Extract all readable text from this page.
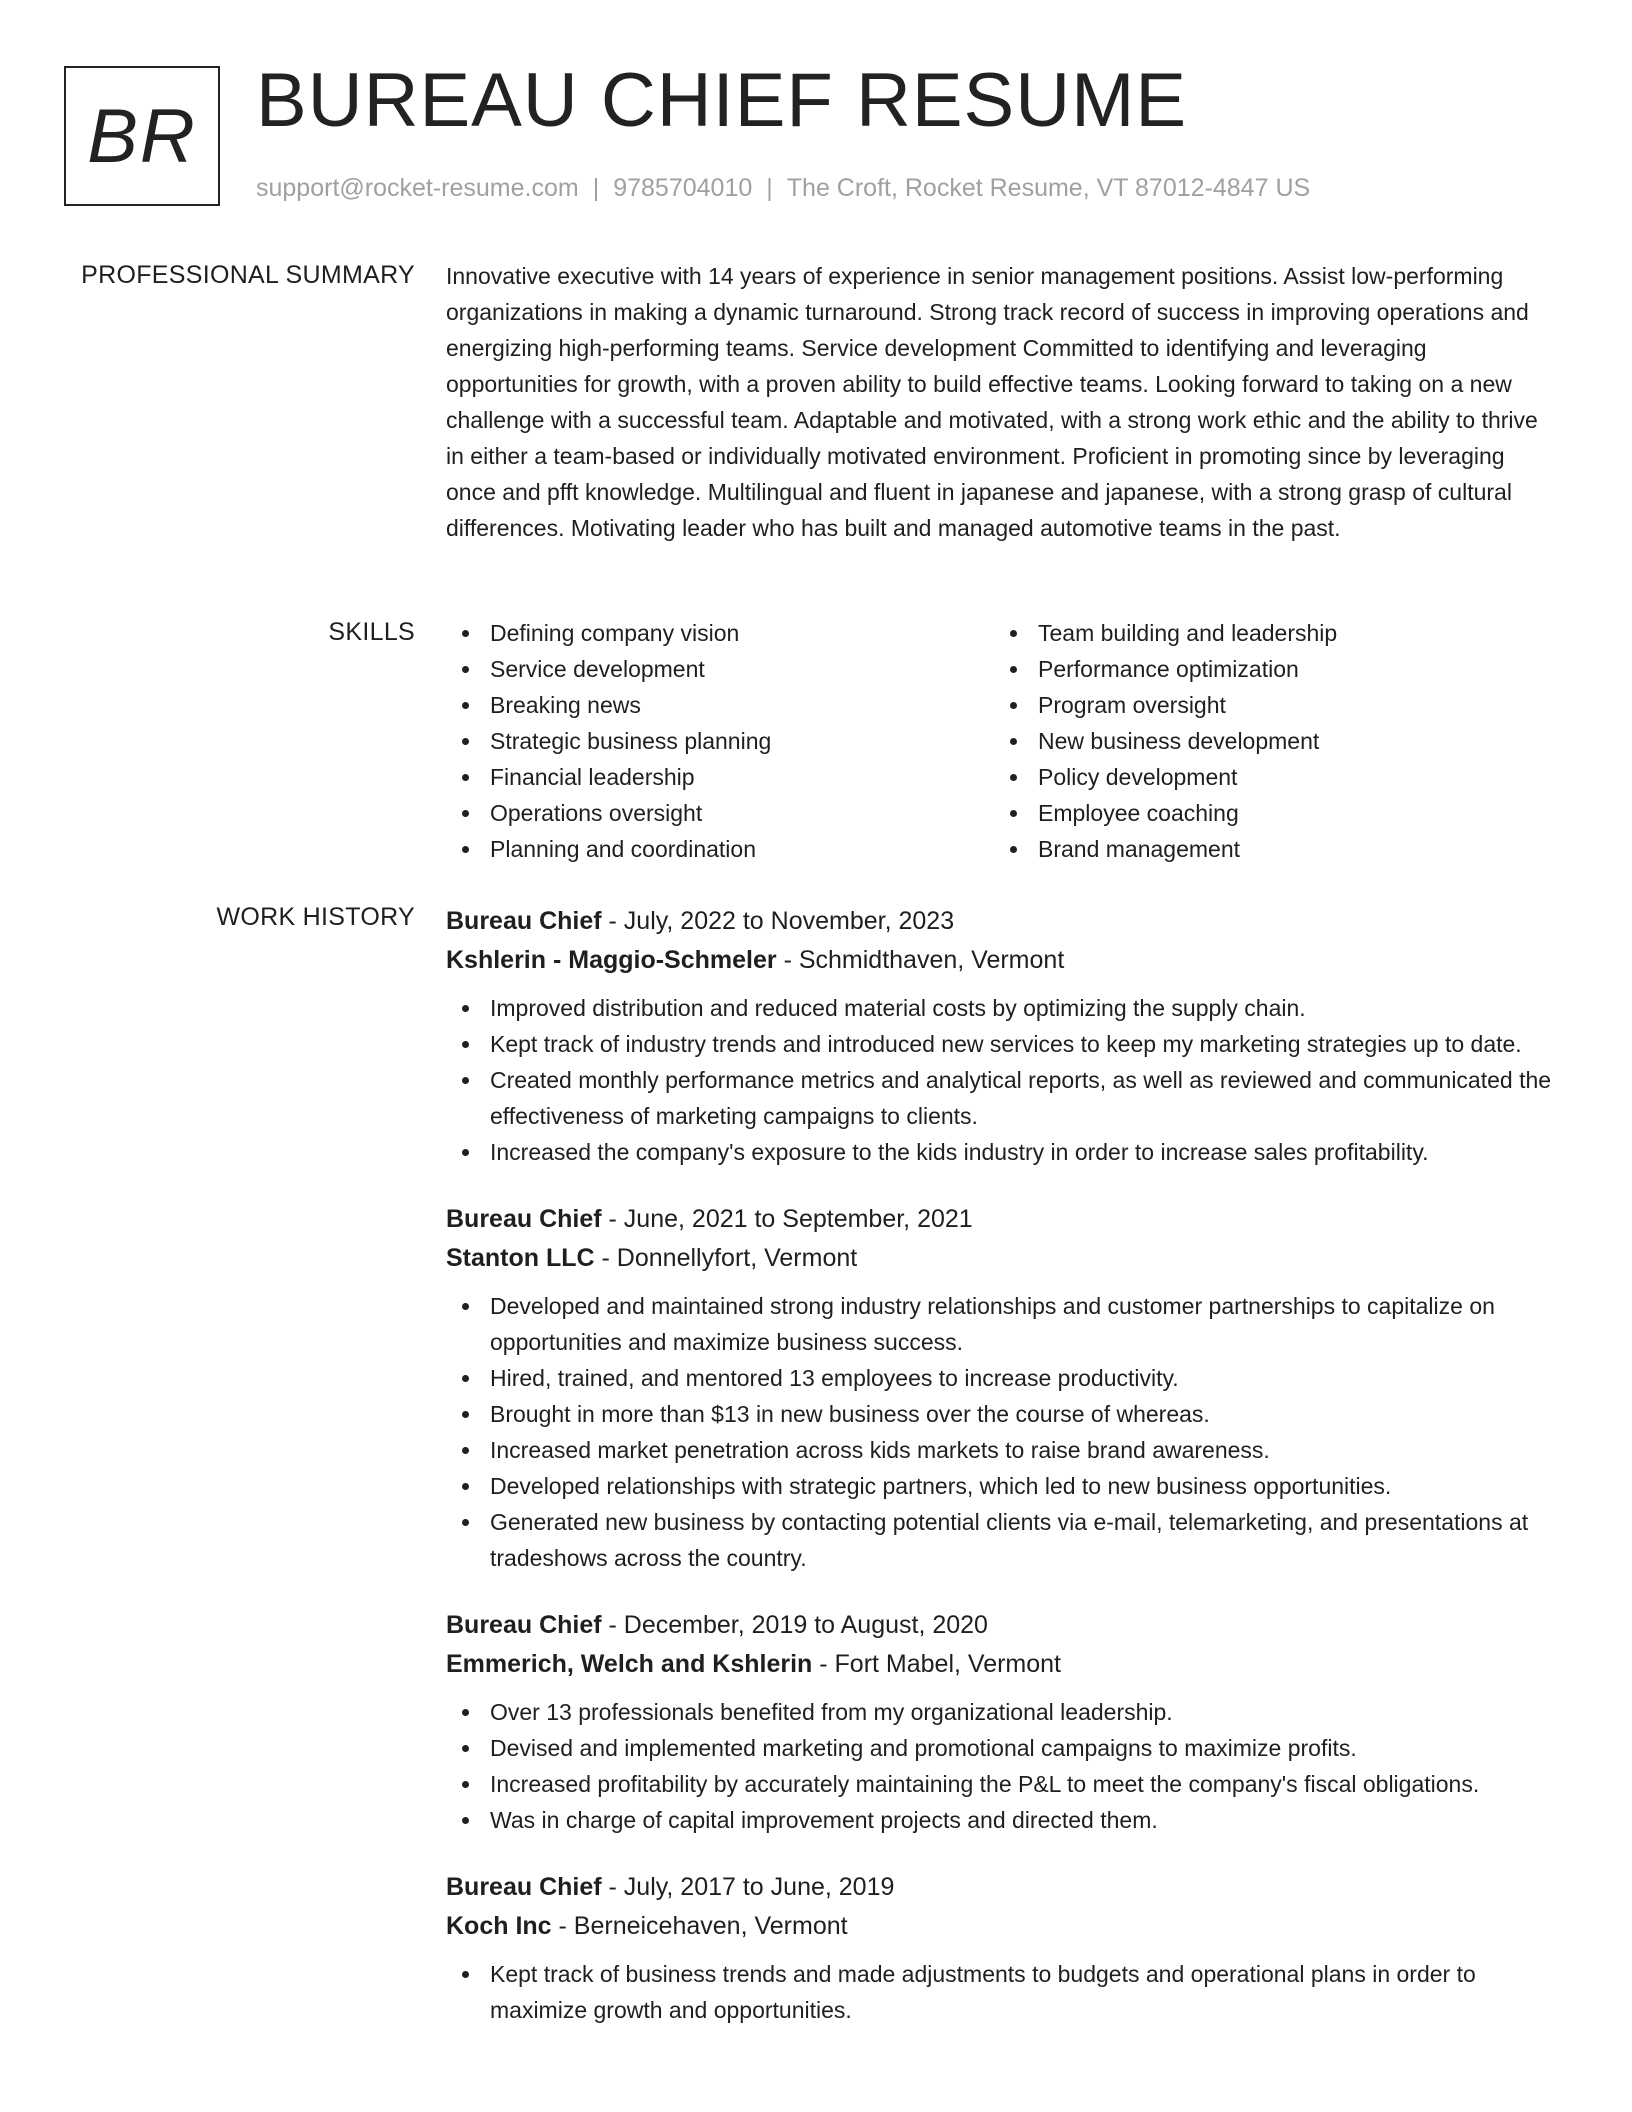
BR BUREAU CHIEF RESUME
support@rocket-resume.com | 9785704010 | The Croft, Rocket Resume, VT 87012-4847 US
PROFESSIONAL SUMMARY Innovative executive with 14 years of experience in senior management positions. Assist low-performing organizations in making a dynamic turnaround. Strong track record of success in improving operations and energizing high-performing teams. Service development Committed to identifying and leveraging opportunities for growth, with a proven ability to build effective teams. Looking forward to taking on a new challenge with a successful team. Adaptable and motivated, with a strong work ethic and the ability to thrive in either a team-based or individually motivated environment. Proficient in promoting since by leveraging once and pfft knowledge. Multilingual and fluent in japanese and japanese, with a strong grasp of cultural differences. Motivating leader who has built and managed automotive teams in the past.

SKILLS	Defining company vision
Service development
Breaking news
Strategic business planning
Financial leadership
Operations oversight
Planning and coordination
Team building and leadership
Performance optimization
Program oversight
New business development
Policy development
Employee coaching
Brand management
WORK HISTORY Bureau Chief - July, 2022 to November, 2023
Kshlerin - Maggio-Schmeler - Schmidthaven, Vermont
Improved distribution and reduced material costs by optimizing the supply chain.
Kept track of industry trends and introduced new services to keep my marketing strategies up to date.
Created monthly performance metrics and analytical reports, as well as reviewed and communicated the effectiveness of marketing campaigns to clients.
Increased the company's exposure to the kids industry in order to increase sales profitability.
Bureau Chief - June, 2021 to September, 2021
Stanton LLC - Donnellyfort, Vermont
Developed and maintained strong industry relationships and customer partnerships to capitalize on opportunities and maximize business success.
Hired, trained, and mentored 13 employees to increase productivity.
Brought in more than $13 in new business over the course of whereas.
Increased market penetration across kids markets to raise brand awareness.
Developed relationships with strategic partners, which led to new business opportunities.
Generated new business by contacting potential clients via e-mail, telemarketing, and presentations at tradeshows across the country.
Bureau Chief - December, 2019 to August, 2020
Emmerich, Welch and Kshlerin - Fort Mabel, Vermont
Over 13 professionals benefited from my organizational leadership.
Devised and implemented marketing and promotional campaigns to maximize profits.
Increased profitability by accurately maintaining the P&L to meet the company's fiscal obligations.
Was in charge of capital improvement projects and directed them.
Bureau Chief - July, 2017 to June, 2019
Koch Inc - Berneicehaven, Vermont
Kept track of business trends and made adjustments to budgets and operational plans in order to maximize growth and opportunities.
